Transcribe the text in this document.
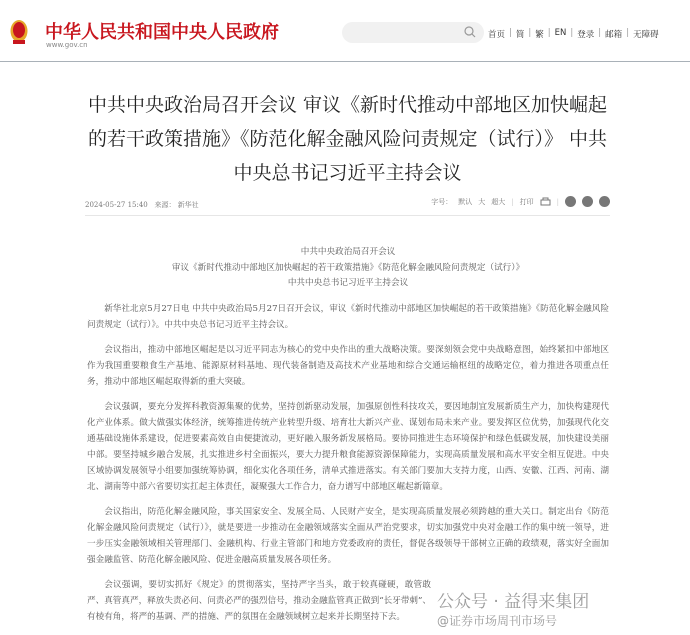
中华人民共和国中央人民政府
www.gov.cn
首页 | 简 | 繁 | EN | 登录 | 邮箱 | 无障碍
中共中央政治局召开会议 审议《新时代推动中部地区加快崛起的若干政策措施》《防范化解金融风险问责规定（试行）》 中共中央总书记习近平主持会议
2024-05-27 15:40 来源： 新华社	字号： 默认 大 超大 | 打印	|
公众号 · 益得来集团
@证券市场周刊市场号
中共中央政治局召开会议
审议《新时代推动中部地区加快崛起的若干政策措施》《防范化解金融风险问责规定（试行）》
中共中央总书记习近平主持会议

新华社北京5月27日电 中共中央政治局5月27日召开会议，审议《新时代推动中部地区加快崛起的若干政策措施》《防范化解金融风险问责规定（试行）》。中共中央总书记习近平主持会议。

会议指出，推动中部地区崛起是以习近平同志为核心的党中央作出的重大战略决策。要深刻领会党中央战略意图，始终紧扣中部地区作为我国重要粮食生产基地、能源原材料基地、现代装备制造及高技术产业基地和综合交通运输枢纽的战略定位，着力推进各项重点任务，推动中部地区崛起取得新的重大突破。

会议强调，要充分发挥科教资源集聚的优势，坚持创新驱动发展，加强原创性科技攻关，要因地制宜发展新质生产力，加快构建现代化产业体系。做大做强实体经济，统筹推进传统产业转型升级、培育壮大新兴产业、谋划布局未来产业。要发挥区位优势，加强现代化交通基础设施体系建设，促进要素高效自由便捷流动，更好融入服务新发展格局。要协同推进生态环境保护和绿色低碳发展，加快建设美丽中部。要坚持城乡融合发展，扎实推进乡村全面振兴，要大力提升粮食能源资源保障能力，实现高质量发展和高水平安全相互促进。中央区域协调发展领导小组要加强统筹协调，细化实化各项任务，清单式推进落实。有关部门要加大支持力度，山西、安徽、江西、河南、湖北、湖南等中部六省要切实扛起主体责任，凝聚强大工作合力，奋力谱写中部地区崛起新篇章。

会议指出，防范化解金融风险，事关国家安全、发展全局、人民财产安全，是实现高质量发展必须跨越的重大关口。制定出台《防范化解金融风险问责规定（试行）》，就是要进一步推动在金融领域落实全面从严治党要求，切实加强党中央对金融工作的集中统一领导，进一步压实金融领域相关管理部门、金融机构、行业主管部门和地方党委政府的责任，督促各级领导干部树立正确的政绩观，落实好全面加强金融监管、防范化解金融风险、促进金融高质量发展各项任务。

会议强调，要切实抓好《规定》的贯彻落实，坚持严字当头，敢于较真碰硬，敢管敢严、真管真严，释放失责必问、问责必严的强烈信号，推动金融监管真正做到“长牙带刺”、有棱有角，将严的基调、严的措施、严的氛围在金融领域树立起来并长期坚持下去。
